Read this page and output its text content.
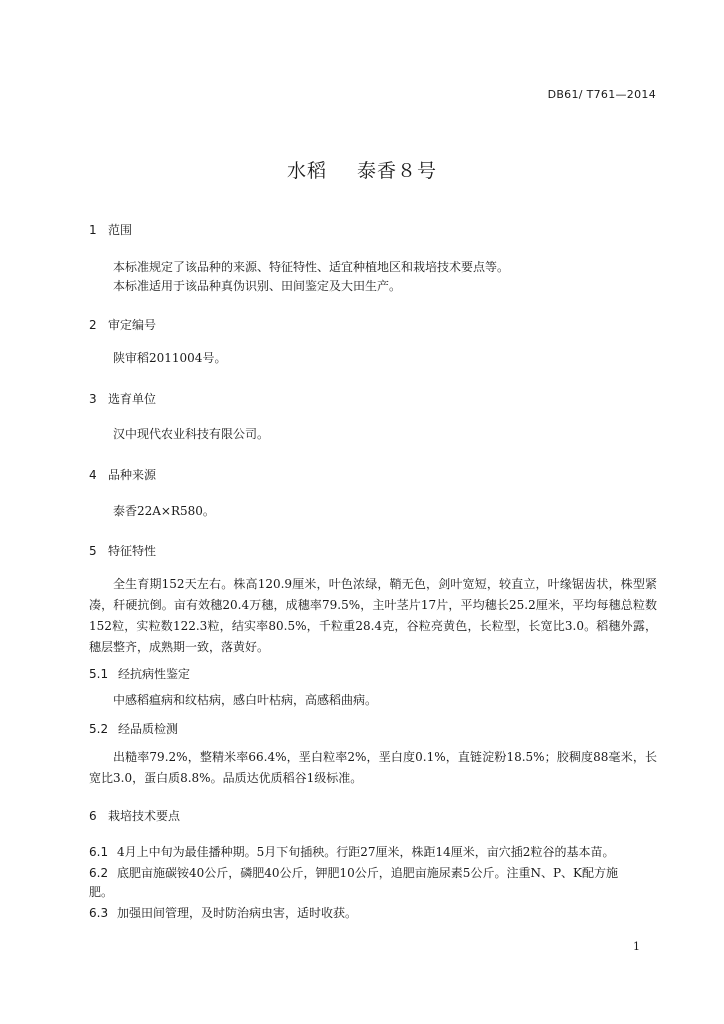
DB61/ T761—2014
水稻 泰香８号
1 范围
本标准规定了该品种的来源、特征特性、适宜种植地区和栽培技术要点等。
本标准适用于该品种真伪识别、田间鉴定及大田生产。
2 审定编号
陕审稻2011004号。
3 选育单位
汉中现代农业科技有限公司。
4 品种来源
泰香22A×R580。
5 特征特性
全生育期152天左右。株高120.9厘米，叶色浓绿，鞘无色，剑叶宽短，较直立，叶缘锯齿状，株型紧凑，秆硬抗倒。亩有效穗20.4万穗，成穗率79.5%，主叶茎片17片，平均穗长25.2厘米，平均每穗总粒数152粒，实粒数122.3粒，结实率80.5%，千粒重28.4克，谷粒亮黄色，长粒型，长宽比3.0。稻穗外露，穗层整齐，成熟期一致，落黄好。
5.1 经抗病性鉴定
中感稻瘟病和纹枯病，感白叶枯病，高感稻曲病。
5.2 经品质检测
出糙率79.2%，整精米率66.4%，垩白粒率2%，垩白度0.1%，直链淀粉18.5%；胶稠度88毫米，长宽比3.0，蛋白质8.8%。品质达优质稻谷1级标准。
6 栽培技术要点
6.1 4月上中旬为最佳播种期。5月下旬插秧。行距27厘米，株距14厘米，亩穴插2粒谷的基本苗。
6.2 底肥亩施碳铵40公斤，磷肥40公斤，钾肥10公斤，追肥亩施尿素5公斤。注重N、P、K配方施
肥。
6.3 加强田间管理，及时防治病虫害，适时收获。
1
